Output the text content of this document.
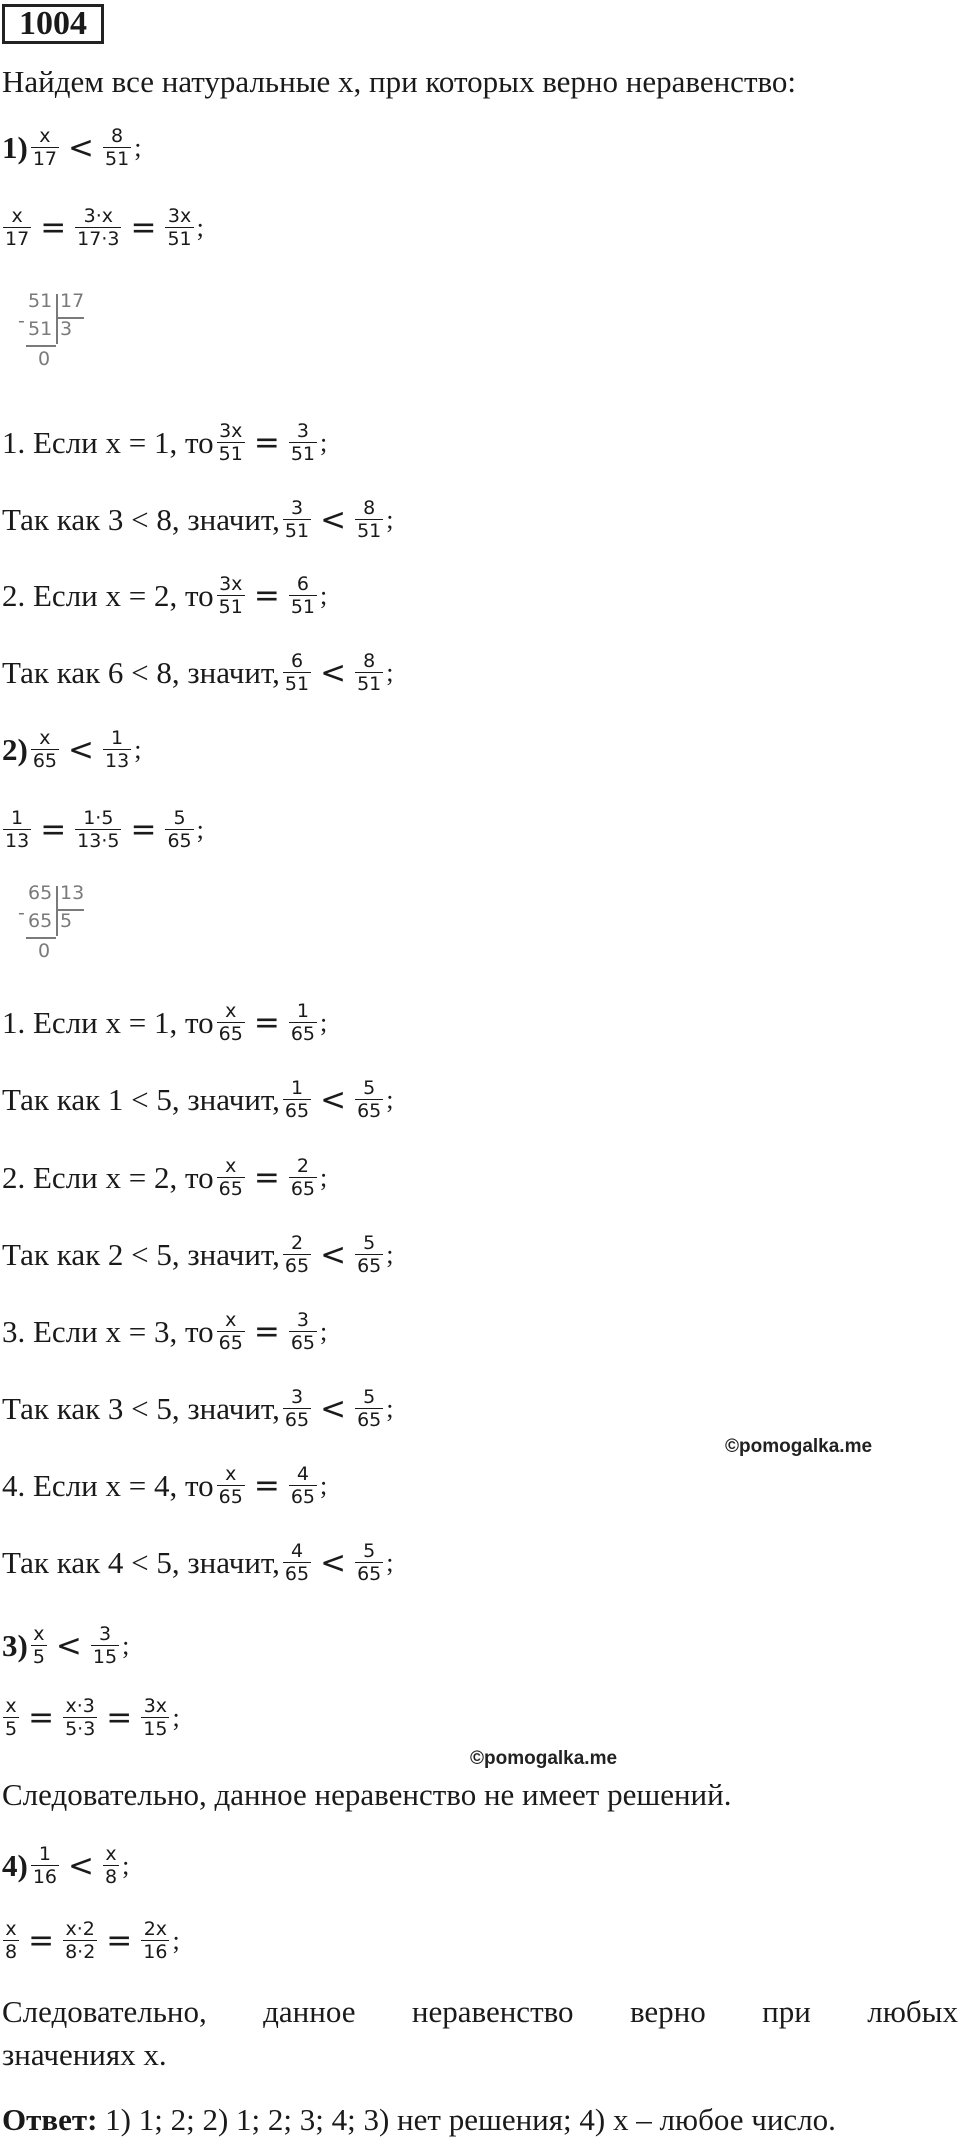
1004
Найдем все натуральные x, при которых верно неравенство:
$1) \frac{x}{17} < \frac{8}{51}$ ;
$\frac{x}{17} = \frac{3\cdot x}{17\cdot 3} = \frac{3x}{51}$ ;
-
51 17
51 3
0
1. Если x = 1, то $\frac{3x}{51} = \frac{3}{51}$ ;
Так как 3 < 8, значит, $\frac{3}{51} < \frac{8}{51}$ ;
2. Если x = 2, то $\frac{3x}{51} = \frac{6}{51}$ ;
Так как 6 < 8, значит, $\frac{6}{51} < \frac{8}{51}$ ;
$2) \frac{x}{65} < \frac{1}{13}$ ;
$\frac{1}{13} = \frac{1\cdot 5}{13\cdot 5} = \frac{5}{65}$ ;
-
65 13
65 5
0
1. Если x = 1, то $\frac{x}{65} = \frac{1}{65}$ ;
Так как 1 < 5, значит, $\frac{1}{65} < \frac{5}{65}$ ;
2. Если x = 2, то $\frac{x}{65} = \frac{2}{65}$ ;
Так как 2 < 5, значит, $\frac{2}{65} < \frac{5}{65}$ ;
3. Если x = 3, то $\frac{x}{65} = \frac{3}{65}$ ;
Так как 3 < 5, значит, $\frac{3}{65} < \frac{5}{65}$ ;
©pomogalka.me
4. Если x = 4, то $\frac{x}{65} = \frac{4}{65}$ ;
Так как 4 < 5, значит, $\frac{4}{65} < \frac{5}{65}$ ;
$3) \frac{x}{5} < \frac{3}{15}$ ;
$\frac{x}{5} = \frac{x\cdot 3}{5\cdot 3} = \frac{3x}{15}$ ;
©pomogalka.me
Следовательно, данное неравенство не имеет решений.
$4) \frac{1}{16} < \frac{x}{8}$ ;
$\frac{x}{8} = \frac{x\cdot 2}{8\cdot 2} = \frac{2x}{16}$ ;
Следовательно, данное неравенство верно при любых
значениях x.
Ответ: 1) 1; 2; 2) 1; 2; 3; 4; 3) нет решения; 4) x – любое число.
